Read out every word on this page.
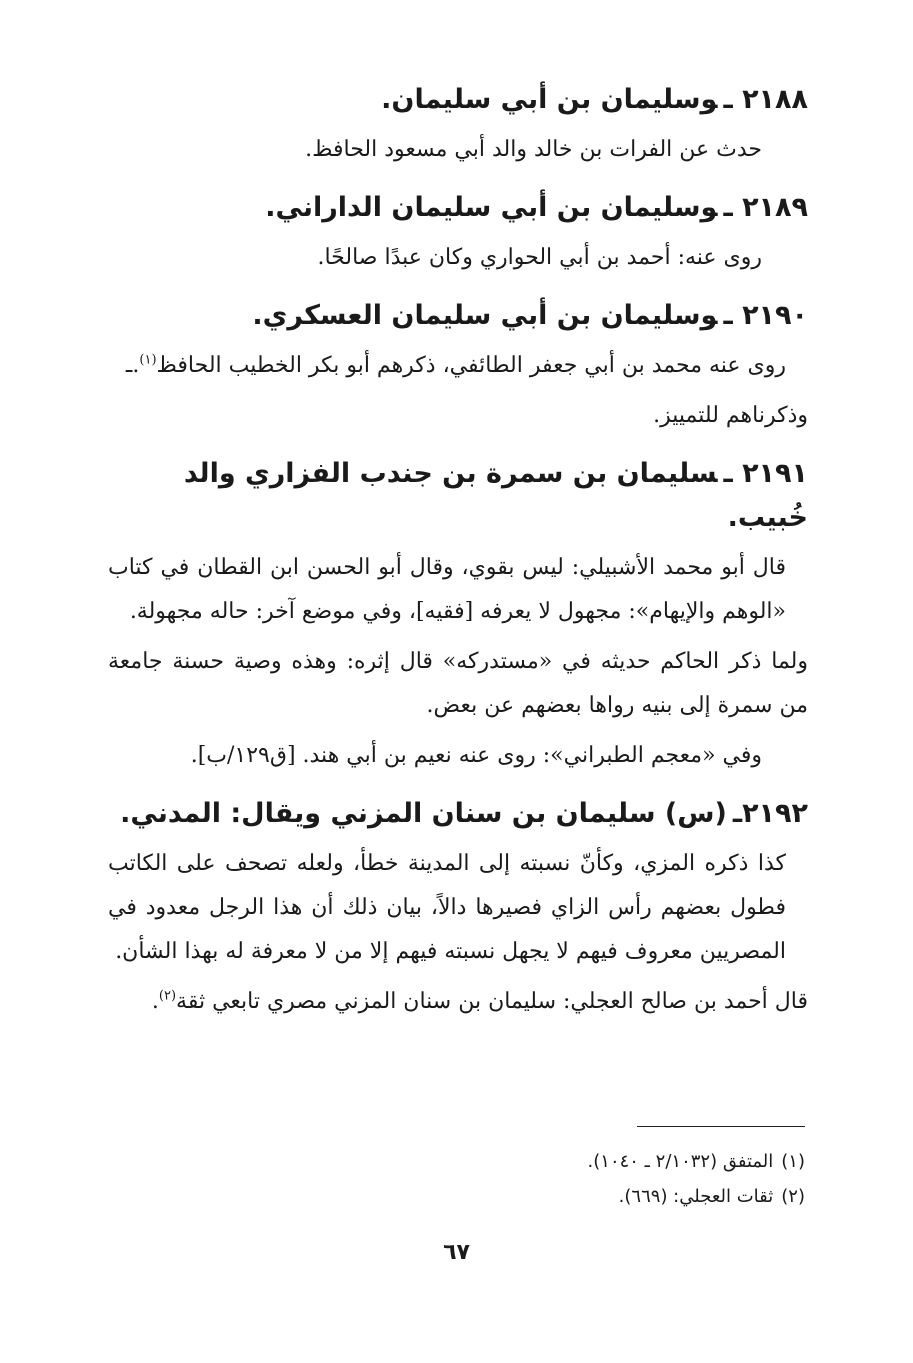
٢١٨٨ ـوسليمان بن أبي سليمان.

حدث عن الفرات بن خالد والد أبي مسعود الحافظ.

٢١٨٩ ـوسليمان بن أبي سليمان الداراني.

روى عنه: أحمد بن أبي الحواري وكان عبدًا صالحًا.

٢١٩٠ ـوسليمان بن أبي سليمان العسكري.

روى عنه محمد بن أبي جعفر الطائفي، ذكرهم أبو بكر الخطيب الحافظ$^{(١)}$.ـ

وذكرناهم للتمييز.

٢١٩١ ـسليمان بن سمرة بن جندب الفزاري والد خُبيب.

قال أبو محمد الأشبيلي: ليس بقوي، وقال أبو الحسن ابن القطان في كتاب «الوهم والإيهام»: مجهول لا يعرفه [فقيه]، وفي موضع آخر: حاله مجهولة.

ولما ذكر الحاكم حديثه في «مستدركه» قال إثره: وهذه وصية حسنة جامعة من سمرة إلى بنيه رواها بعضهم عن بعض.

وفي «معجم الطبراني»: روى عنه نعيم بن أبي هند. [ق١٢٩/ب].

٢١٩٢ـ(س) سليمان بن سنان المزني ويقال: المدني.

كذا ذكره المزي، وكأنّ نسبته إلى المدينة خطأ، ولعله تصحف على الكاتب فطول بعضهم رأس الزاي فصيرها دالاً، بيان ذلك أن هذا الرجل معدود في المصريين معروف فيهم لا يجهل نسبته فيهم إلا من لا معرفة له بهذا الشأن.

قال أحمد بن صالح العجلي: سليمان بن سنان المزني مصري تابعي ثقة$^{(٢)}$.

(١)المتفق (٢/١٠٣٢ ـ ١٠٤٠).
(٢)ثقات العجلي: (٦٦٩).
٦٧
